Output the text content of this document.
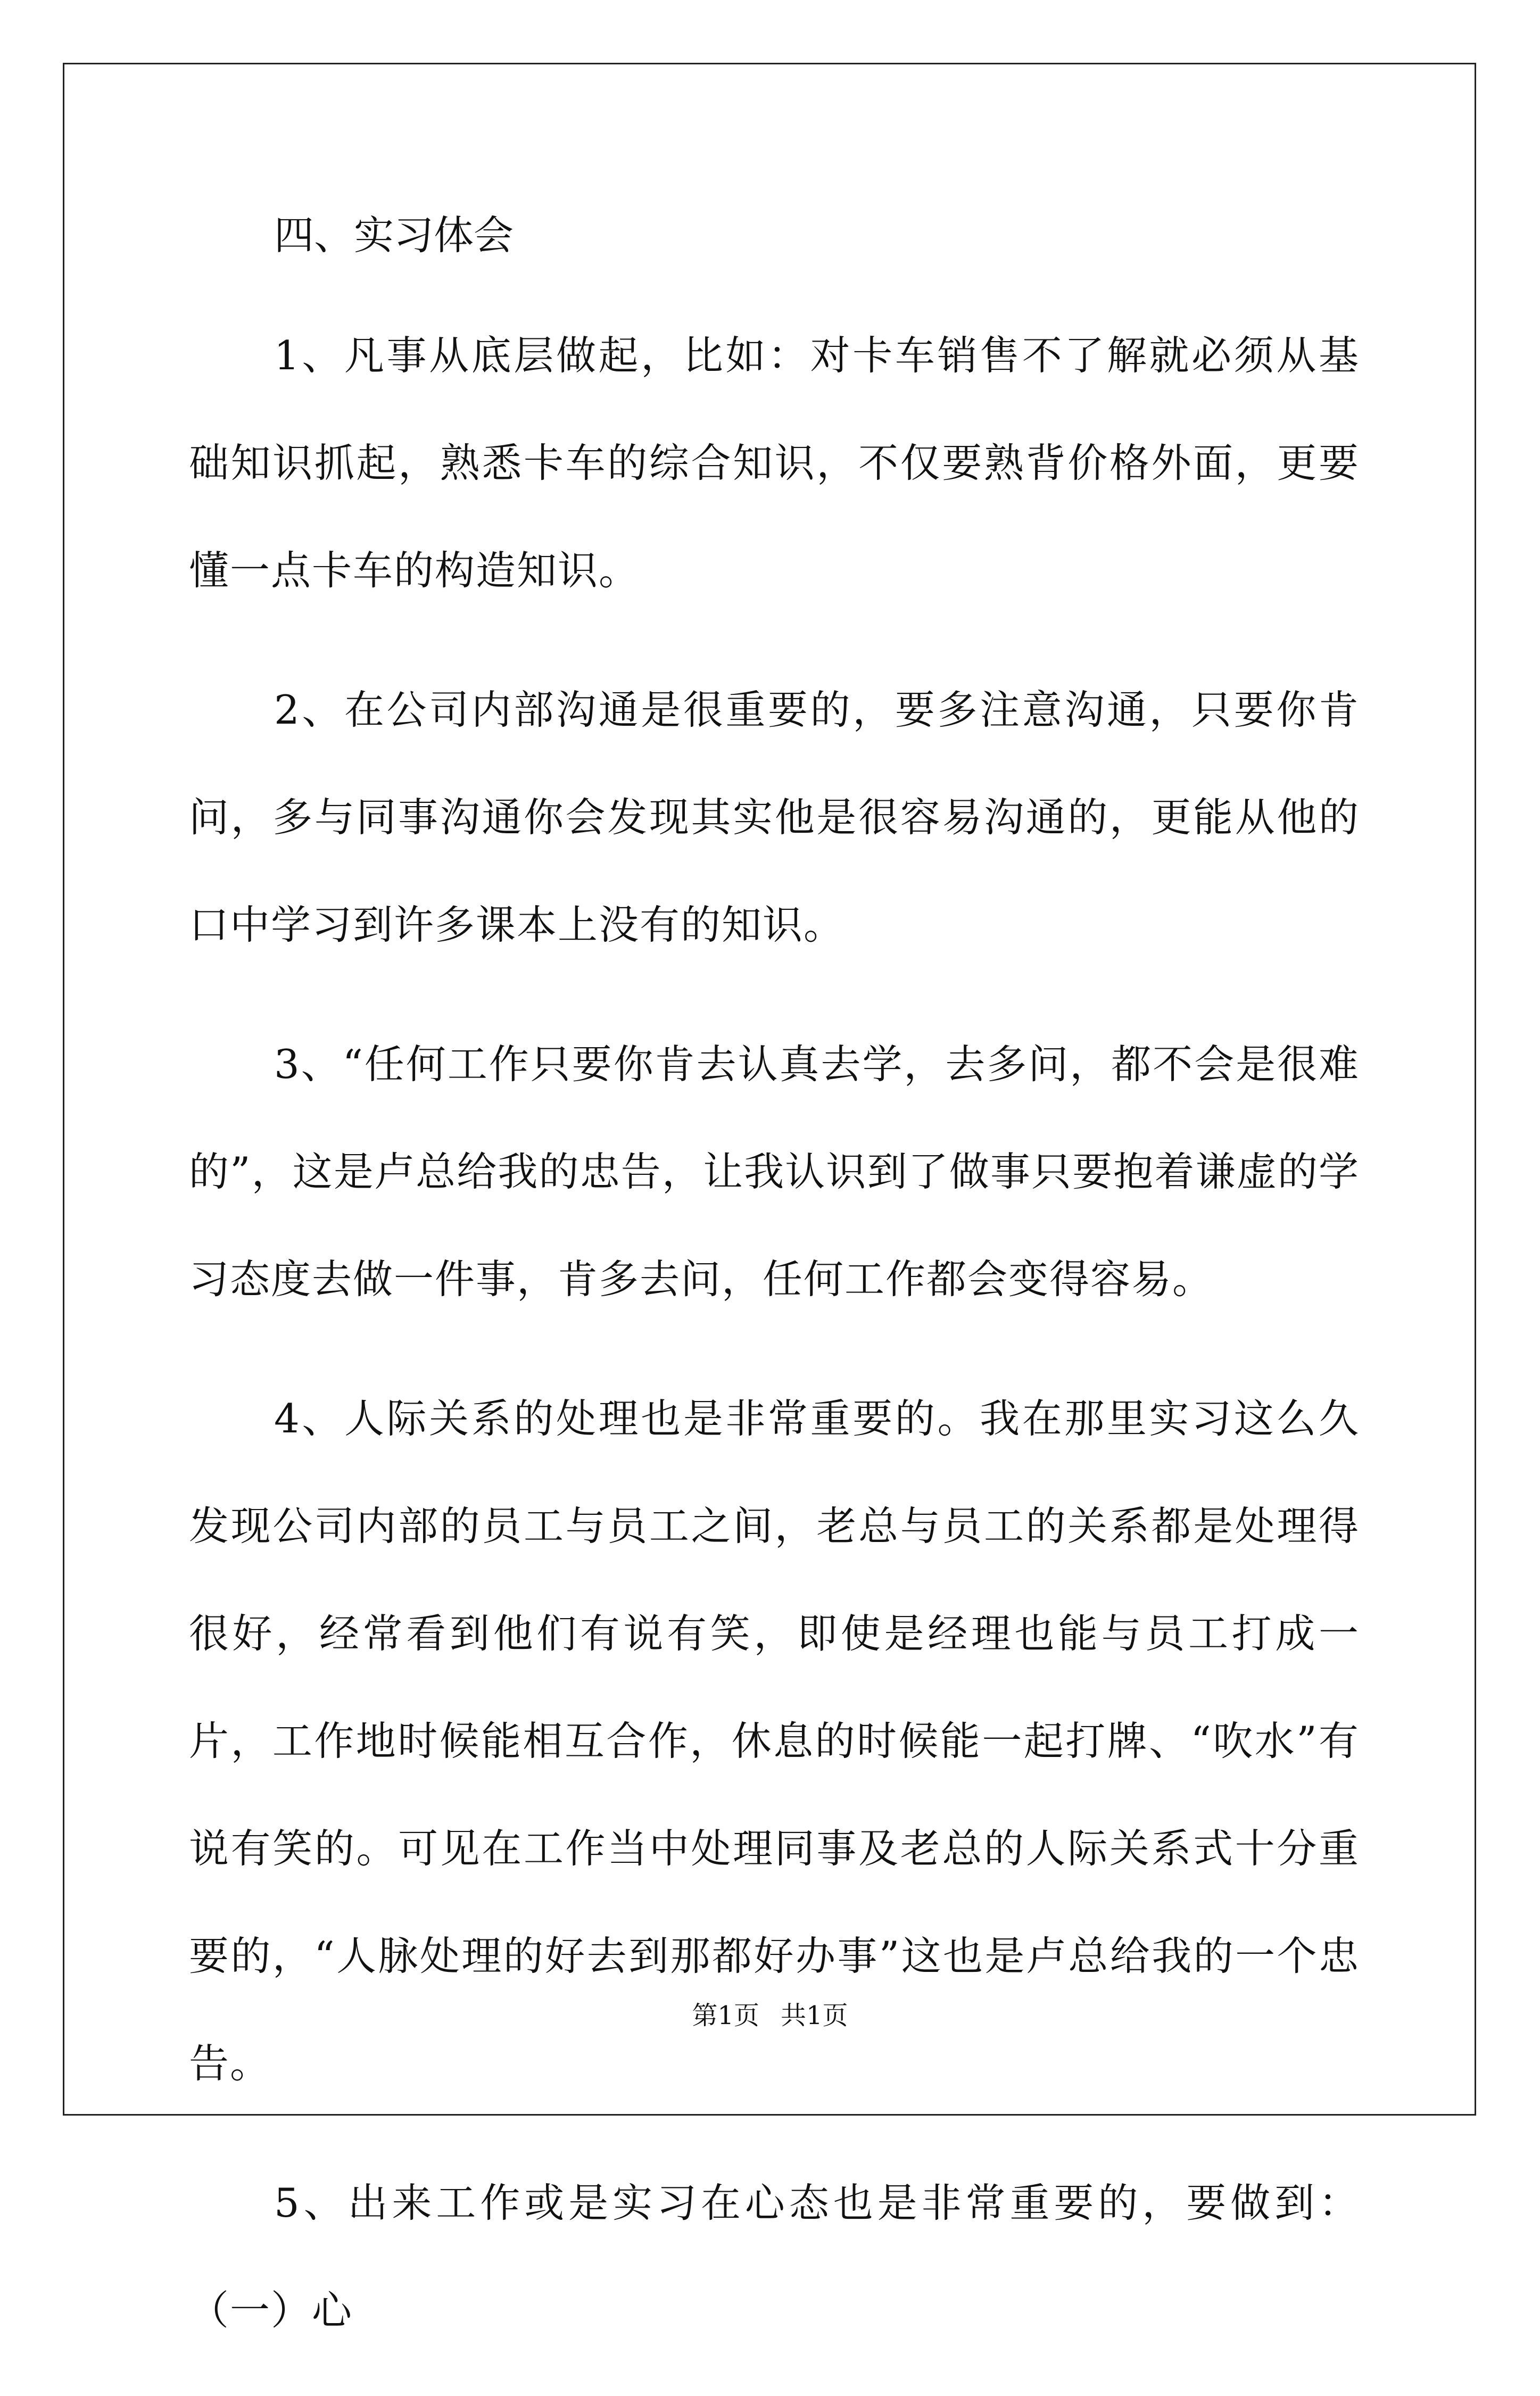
四、实习体会

1、凡事从底层做起，比如：对卡车销售不了解就必须从基础知识抓起，熟悉卡车的综合知识，不仅要熟背价格外面，更要懂一点卡车的构造知识。

2、在公司内部沟通是很重要的，要多注意沟通，只要你肯问，多与同事沟通你会发现其实他是很容易沟通的，更能从他的口中学习到许多课本上没有的知识。

3、“任何工作只要你肯去认真去学，去多问，都不会是很难的”，这是卢总给我的忠告，让我认识到了做事只要抱着谦虚的学习态度去做一件事，肯多去问，任何工作都会变得容易。

4、人际关系的处理也是非常重要的。我在那里实习这么久发现公司内部的员工与员工之间，老总与员工的关系都是处理得很好，经常看到他们有说有笑，即使是经理也能与员工打成一片，工作地时候能相互合作，休息的时候能一起打牌、“吹水”有说有笑的。可见在工作当中处理同事及老总的人际关系式十分重要的，“人脉处理的好去到那都好办事”这也是卢总给我的一个忠告。

5、出来工作或是实习在心态也是非常重要的，要做到：（一）心

第1页 共1页
